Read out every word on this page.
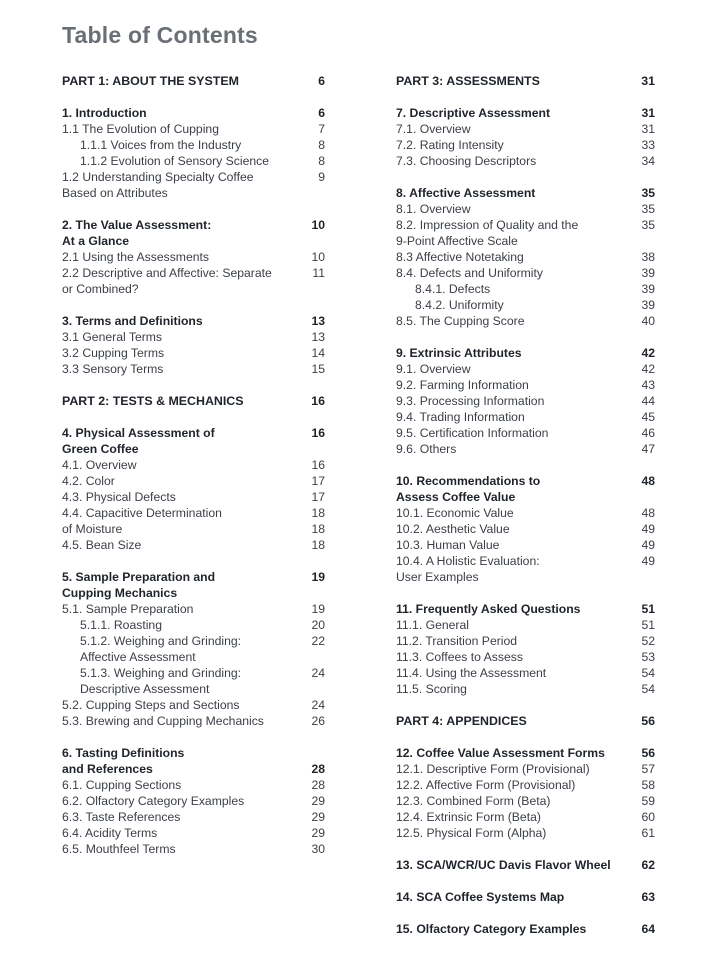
Table of Contents
PART 1: ABOUT THE SYSTEM	6
1. Introduction	6
1.1 The Evolution of Cupping	7
1.1.1 Voices from the Industry	8
1.1.2 Evolution of Sensory Science	8
1.2 Understanding Specialty Coffee	9
Based on Attributes
2. The Value Assessment:	10
At a Glance
2.1 Using the Assessments	10
2.2 Descriptive and Affective: Separate	11
or Combined?
3. Terms and Definitions	13
3.1 General Terms	13
3.2 Cupping Terms	14
3.3 Sensory Terms	15
PART 2: TESTS & MECHANICS	16
4. Physical Assessment of	16
Green Coffee
4.1. Overview	16
4.2. Color	17
4.3. Physical Defects	17
4.4. Capacitive Determination	18
of Moisture	18
4.5. Bean Size	18
5. Sample Preparation and	19
Cupping Mechanics
5.1. Sample Preparation	19
5.1.1. Roasting	20
5.1.2. Weighing and Grinding:	22
Affective Assessment
5.1.3. Weighing and Grinding:	24
Descriptive Assessment
5.2. Cupping Steps and Sections	24
5.3. Brewing and Cupping Mechanics	26
6. Tasting Definitions
and References	28
6.1. Cupping Sections	28
6.2. Olfactory Category Examples	29
6.3. Taste References	29
6.4. Acidity Terms	29
6.5. Mouthfeel Terms	30
PART 3: ASSESSMENTS	31
7. Descriptive Assessment	31
7.1. Overview	31
7.2. Rating Intensity	33
7.3. Choosing Descriptors	34
8. Affective Assessment	35
8.1. Overview	35
8.2. Impression of Quality and the	35
9-Point Affective Scale
8.3 Affective Notetaking	38
8.4. Defects and Uniformity	39
8.4.1. Defects	39
8.4.2. Uniformity	39
8.5. The Cupping Score	40
9. Extrinsic Attributes	42
9.1. Overview	42
9.2. Farming Information	43
9.3. Processing Information	44
9.4. Trading Information	45
9.5. Certification Information	46
9.6. Others	47
10. Recommendations to	48
Assess Coffee Value
10.1. Economic Value	48
10.2. Aesthetic Value	49
10.3. Human Value	49
10.4. A Holistic Evaluation:	49
User Examples
11. Frequently Asked Questions	51
11.1. General	51
11.2. Transition Period	52
11.3. Coffees to Assess	53
11.4. Using the Assessment	54
11.5. Scoring	54
PART 4: APPENDICES	56
12. Coffee Value Assessment Forms	56
12.1. Descriptive Form (Provisional)	57
12.2. Affective Form (Provisional)	58
12.3. Combined Form (Beta)	59
12.4. Extrinsic Form (Beta)	60
12.5. Physical Form (Alpha)	61
13. SCA/WCR/UC Davis Flavor Wheel	62
14. SCA Coffee Systems Map	63
15. Olfactory Category Examples	64
